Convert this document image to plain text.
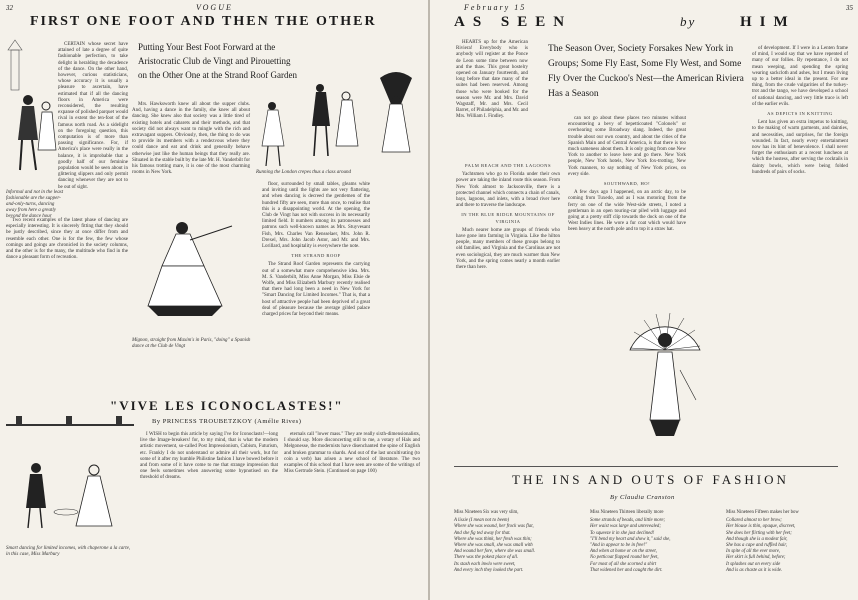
32	VOGUE
FIRST ONE FOOT AND THEN THE OTHER

CERTAIN whose secret have attained of late a degree of quite fashionable perfection, to take delight in heralding the decadence of the dance. On the other hand, however, curious statisticians, whose accuracy it is usually a pleasure to ascertain, have estimated that if all the dancing floors in America were reconsidered, the resulting expanse of polished parquet would rival in extent the ten-foot of the famous north road. As a sidelight on the foregoing question, this computation is of more than passing significance. For, if America's place were really in the balance, it is improbable that a goodly half of our feminine population would be seen about in glittering slippers and only permit dancing whenever they are not to be out of sight.

Informal and not in the least fashionable are the supper-and-only-turns, dancing away from here a greatly beyond the dance hour

Two recent examples of the latest phase of dancing are especially interesting. It is sincerely fitting that they should be justly described, since they at once differ from and resemble each other. One is for the few, the few whose comings and goings are chronicled in the society columns, and the other is for the many, the multitude who find in the dance a pleasant form of recreation.

Putting Your Best Foot Forward at the Aristocratic Club de Vingt and Pirouetting on the Other One at the Strand Roof Garden

Mrs. Hawksworth knew all about the supper clubs. And, having a dance in the family, she knew all about dancing. She knew also that society was a little tired of existing hotels and cabarets and their methods, and that society did not always want to mingle with the rich and extravagant suppers. Obviously, then, the thing to do was to provide its members with a rendezvous where they could dance and eat and drink and generally behave otherwise just like the human beings that they really are. Situated in the stable built by the late Mr. H. Vanderbilt for his famous trotting mare, it is one of the most charming rooms in New York.	Running the London crepes thus a class around

floor, surrounded by small tables, gleams white and inviting until the lights are not very flattering, and when dancing is decreed the gentlemen of the hundred fifty are seen, more than once, to realise that this is a disappointing world. At the opening, the Club de Vingt has not with success in its necessarily limited field. It numbers among its patronesses and patrons such well-known names as Mrs. Stuyvesant Fish, Mrs. Charles Van Rensselaer, Mrs. John R. Drexel, Mrs. John Jacob Astor, and Mr. and Mrs. Lorillard, and hospitality is everywhere the note.

THE STRAND ROOF

The Strand Roof Garden represents the carrying out of a somewhat more comprehensive idea. Mrs. M. S. Vanderbilt, Miss Anne Morgan, Miss Elsie de Wolfe, and Miss Elizabeth Marbury recently realised that there had long been a need in New York for "Smart Dancing for Limited Incomes." That is, that a host of attractive people had been deprived of a great deal of pleasure because the average gilded palace charged prices far beyond their means.

Mignon, straight from Maxim's in Paris, "doing" a Spanish dance at the Club de Vingt
"VIVE LES ICONOCLASTES!"
By PRINCESS TROUBETZKOY (Amélie Rives)
Smart dancing for limited incomes, with chaperone a la carte, in this case, Miss Marbury

I WISH to begin this article by saying I've for Iconoclasts!—long live the Image-breakers! for, to my mind, that is what the modern artistic movement, so-called Post Impressionism, Cubism, Futurism, etc. Frankly I do not understand or admire all their work, but for some of it after my humble Philistine fashion I have bowed before it and from some of it have come to me that strange impression that one feels sometimes when answering some hypnotised on the threshold of dreams.

eternals call "lower mass." They are really sixth-dimensionalists, I should say. More disconcerting still to me, a votary of Hals and Melgonesse, the modernists have disenchanted the spine of English and broken grammar to shards. And out of the last uncultivating (to coin a verb) has arisen a new school of literature. The two examples of this school that I have seen are some of the writings of Miss Gertrude Stein. (Continued on page 100)

February 15	35
AS SEEN	by	HIM

HEARTS up for the American Riviera! Everybody who is anybody will register at the Ponce de Leon some time between now and the thaw. This great hostelry opened on January fourteenth, and long before that date many of the suites had been reserved. Among those who were booked for the season were Mr. and Mrs. David Wagstaff, Mr. and Mrs. Cecil Barret, of Philadelphia, and Mr. and Mrs. William I. Findley.

The Season Over, Society Forsakes New York in Groups; Some Fly East, Some Fly West, and Some Fly Over the Cuckoo's Nest—the American Riviera Has a Season

PALM BEACH AND THE LAGOONS

Yachtsmen who go to Florida under their own power are taking the inland route this season. From New York almost to Jacksonville, there is a protected channel which connects a chain of canals, bays, lagoons, and inlets, with a broad river here and there to traverse the landscape.

IN THE BLUE RIDGE MOUNTAINS OF VIRGINIA

Much nearer home are groups of friends who have gone into farming in Virginia. Like the hilton people, many members of these groups belong to old families, and Virginia and the Carolinas are not even sociological, they are much warmer than New York, and the spring comes nearly a month earlier there than here.

can not go about these places two minutes without encountering a bevy of bepetticoated "Colonels" or overhearing some Broadway slang. Indeed, the great trouble about our own country, and about the cities of the Spanish Main and of Central America, is that there is too much sameness about them. It is only going from one New York to another to leave here and go there. New York people, New York hotels, New York fox-trotting, New York manners, to say nothing of New York prices, on every side.

SOUTHWARD, HO!

A few days ago I happened, on an arctic day, to be coming from Tuxedo, and as I was motoring from the ferry on one of the wide West-side streets, I noted a gentleman in an open touring-car piled with luggage and going at a pretty stiff clip towards the dock on one of the West Indies lines. He wore a fur coat which would have been heavy at the north pole and to top it a straw hat.

of development. If I were in a Lenten frame of mind, I would say that we have repented of many of our follies. By repentance, I do not mean weeping, and spending the spring wearing sackcloth and ashes, but I mean living up to a better ideal in the present. For one thing, from the crude vulgarities of the turkey-trot and the tango, we have developed a school of national dancing, and very little trace is left of the earlier evils.

AS DEPICTS IN KNITTING

Lent has given an extra impetus to knitting, to the making of warm garments, and dainties, and necessities, and surprises, for the foreign wounded. In fact, nearly every entertainment now has its hint of benevolence. I shall never forget the enthusiasm at a recent luncheon at which the hostess, after serving the cocktails in dainty bowls, which were being folded hundreds of pairs of socks.

THE INS AND OUTS OF FASHION
By Claudia Cranston
Miss Nineteen Six was very slim,
A lissie (I mean not to beem)
Where she was wound, her frock was flat,
And she fig ted away for that.
Where she was think, her fresh was thin;
Where she was small, she was small with
And wound her fore, where she was small.
There was the pokest place of all.
Its stash each inwlo were sweet,
And every inch they looked the part.
Miss Nineteen Thirteen liberally more
Some strands of beads, and little more;
Her waist was large and unrevealed;
To squeeze it in she just declined!
"I'll bend my heart and show it," said she,
"And in appear to be in free!"
And when at home or on the street,
No petticoat flapped round her feet,
For most of all she scorned a shirt
That widened her and caught the dirt.
Miss Nineteen Fifteen makes her bow
Collared almost to her brow;
Her blouse is thin, opaque, discreet,
She does her flirting with her feet;
And though she is a modest fair,
She has a cape and ruffled hair,
In spite of all the ever more,
Her skirt is full behind, before;
It splashes out on every side
And is as chaste as it is wide.
